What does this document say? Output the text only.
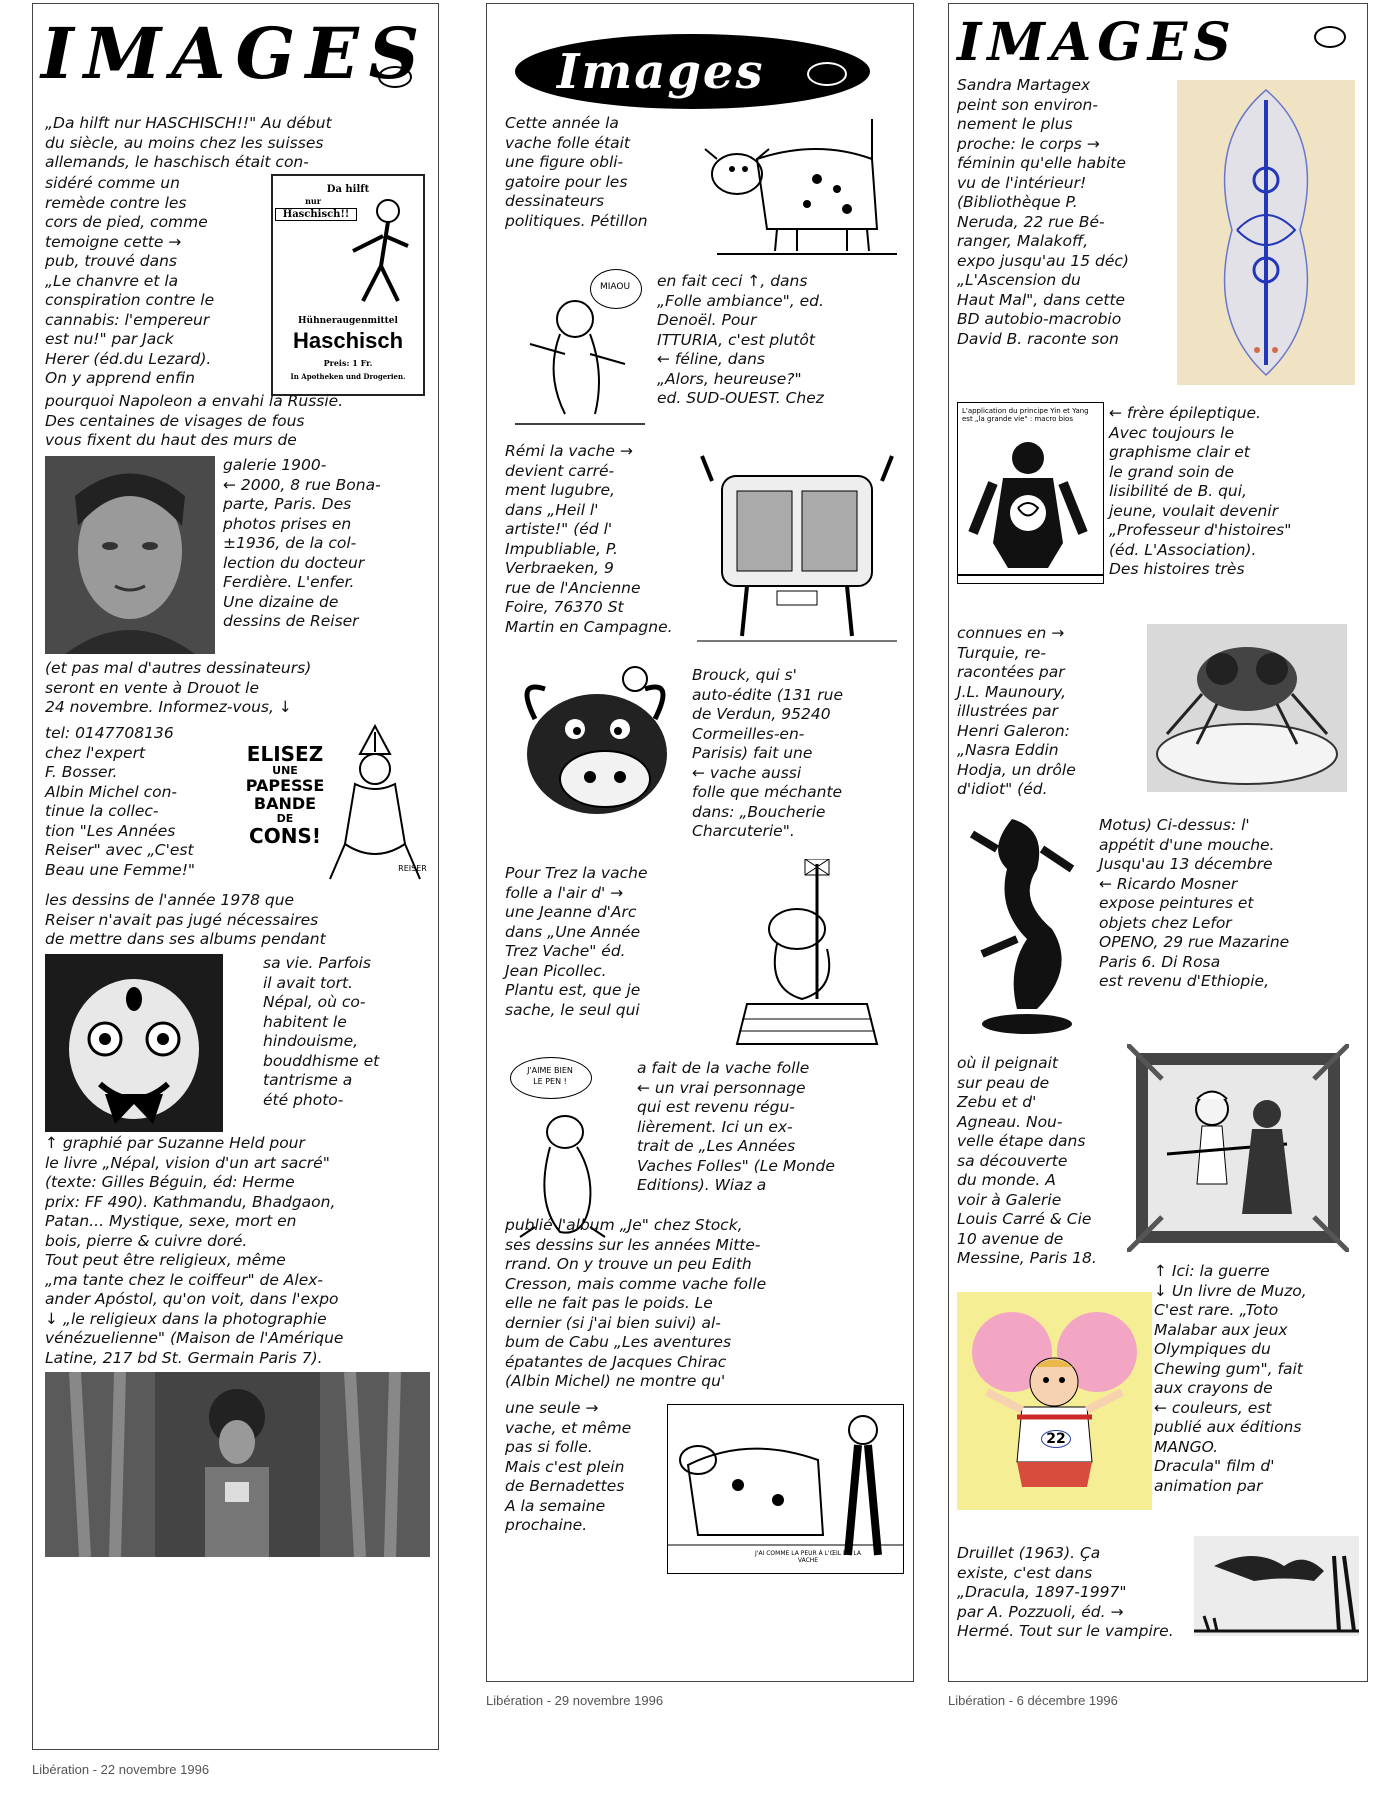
IMAGES
„Da hilft nur HASCHISCH!!" Au début
du siècle, au moins chez les suisses
allemands, le haschisch était con-
sidéré comme un
remède contre les
cors de pied, comme
temoigne cette →
pub, trouvé dans
„Le chanvre et la
conspiration contre le
cannabis: l'empereur
est nu!" par Jack
Herer (éd.du Lezard).
On y apprend enfin
Da hilft
nur
Haschisch!!
Hühneraugenmittel
Haschisch
Preis: 1 Fr.
In Apotheken und Drogerien.
pourquoi Napoleon a envahi la Russie.
Des centaines de visages de fous
vous fixent du haut des murs de
galerie 1900-
← 2000, 8 rue Bona-
parte, Paris. Des
photos prises en
±1936, de la col-
lection du docteur
Ferdière. L'enfer.
Une dizaine de
dessins de Reiser
(et pas mal d'autres dessinateurs)
seront en vente à Drouot le
24 novembre. Informez-vous, ↓
tel: 0147708136
chez l'expert
F. Bosser.
Albin Michel con-
tinue la collec-
tion "Les Années
Reiser" avec „C'est
Beau une Femme!"
ELISEZ
UNE
PAPESSE
BANDE
DE
CONS!
REISER
les dessins de l'année 1978 que
Reiser n'avait pas jugé nécessaires
de mettre dans ses albums pendant
sa vie. Parfois
il avait tort.
Népal, où co-
habitent le
hindouisme,
bouddhisme et
tantrisme a
été photo-
↑ graphié par Suzanne Held pour
le livre „Népal, vision d'un art sacré"
(texte: Gilles Béguin, éd: Herme
prix: FF 490). Kathmandu, Bhadgaon,
Patan... Mystique, sexe, mort en
bois, pierre & cuivre doré.
Tout peut être religieux, même
„ma tante chez le coiffeur" de Alex-
ander Apóstol, qu'on voit, dans l'expo
↓ „le religieux dans la photographie
vénézuelienne" (Maison de l'Amérique
Latine, 217 bd St. Germain Paris 7).
Libération - 22 novembre 1996
Images
Cette année la
vache folle était
une figure obli-
gatoire pour les
dessinateurs
politiques. Pétillon
MIAOU	en fait ceci ↑, dans
„Folle ambiance", ed.
Denoël. Pour
ITTURIA, c'est plutôt
← féline, dans
„Alors, heureuse?"
ed. SUD-OUEST. Chez
Rémi la vache →
devient carré-
ment lugubre,
dans „Heil l'
artiste!" (éd l'
Impubliable, P.
Verbraeken, 9
rue de l'Ancienne
Foire, 76370 St
Martin en Campagne.
Brouck, qui s'
auto-édite (131 rue
de Verdun, 95240
Cormeilles-en-
Parisis) fait une
← vache aussi
folle que méchante
dans: „Boucherie
Charcuterie".
Pour Trez la vache
folle a l'air d' →
une Jeanne d'Arc
dans „Une Année
Trez Vache" éd.
Jean Picollec.
Plantu est, que je
sache, le seul qui
J'AIME BIEN
LE PEN !
a fait de la vache folle
← un vrai personnage
qui est revenu régu-
lièrement. Ici un ex-
trait de „Les Années
Vaches Folles" (Le Monde
Editions). Wiaz a
publié l'album „Je" chez Stock,
ses dessins sur les années Mitte-
rrand. On y trouve un peu Edith
Cresson, mais comme vache folle
elle ne fait pas le poids. Le
dernier (si j'ai bien suivi) al-
bum de Cabu „Les aventures
épatantes de Jacques Chirac
(Albin Michel) ne montre qu'
une seule →
vache, et même
pas si folle.
Mais c'est plein
de Bernadettes
A la semaine
prochaine.
J'AI COMME LA PEUR À L'ŒIL DE LA VACHE
Libération - 29 novembre 1996
IMAGES
Sandra Martagex
peint son environ-
nement le plus
proche: le corps →
féminin qu'elle habite
vu de l'intérieur!
(Bibliothèque P.
Neruda, 22 rue Bé-
ranger, Malakoff,
expo jusqu'au 15 déc)
„L'Ascension du
Haut Mal", dans cette
BD autobio-macrobio
David B. raconte son
L'application du principe Yin et Yang est „la grande vie" : macro bios	← frère épileptique.
Avec toujours le
graphisme clair et
le grand soin de
lisibilité de B. qui,
jeune, voulait devenir
„Professeur d'histoires"
(éd. L'Association).
Des histoires très
connues en →
Turquie, re-
racontées par
J.L. Maunoury,
illustrées par
Henri Galeron:
„Nasra Eddin
Hodja, un drôle
d'idiot" (éd.
Motus) Ci-dessus: l'
appétit d'une mouche.
Jusqu'au 13 décembre
← Ricardo Mosner
expose peintures et
objets chez Lefor
OPENO, 29 rue Mazarine
Paris 6. Di Rosa
est revenu d'Ethiopie,
où il peignait
sur peau de
Zebu et d'
Agneau. Nou-
velle étape dans
sa découverte
du monde. A
voir à Galerie
Louis Carré & Cie
10 avenue de
Messine, Paris 18.
22
↑ Ici: la guerre
↓ Un livre de Muzo,
C'est rare. „Toto
Malabar aux jeux
Olympiques du
Chewing gum", fait
aux crayons de
← couleurs, est
publié aux éditions
MANGO.
Dracula" film d'
animation par
Druillet (1963). Ça
existe, c'est dans
„Dracula, 1897-1997"
par A. Pozzuoli, éd. →
Hermé. Tout sur le vampire.
Libération - 6 décembre 1996
